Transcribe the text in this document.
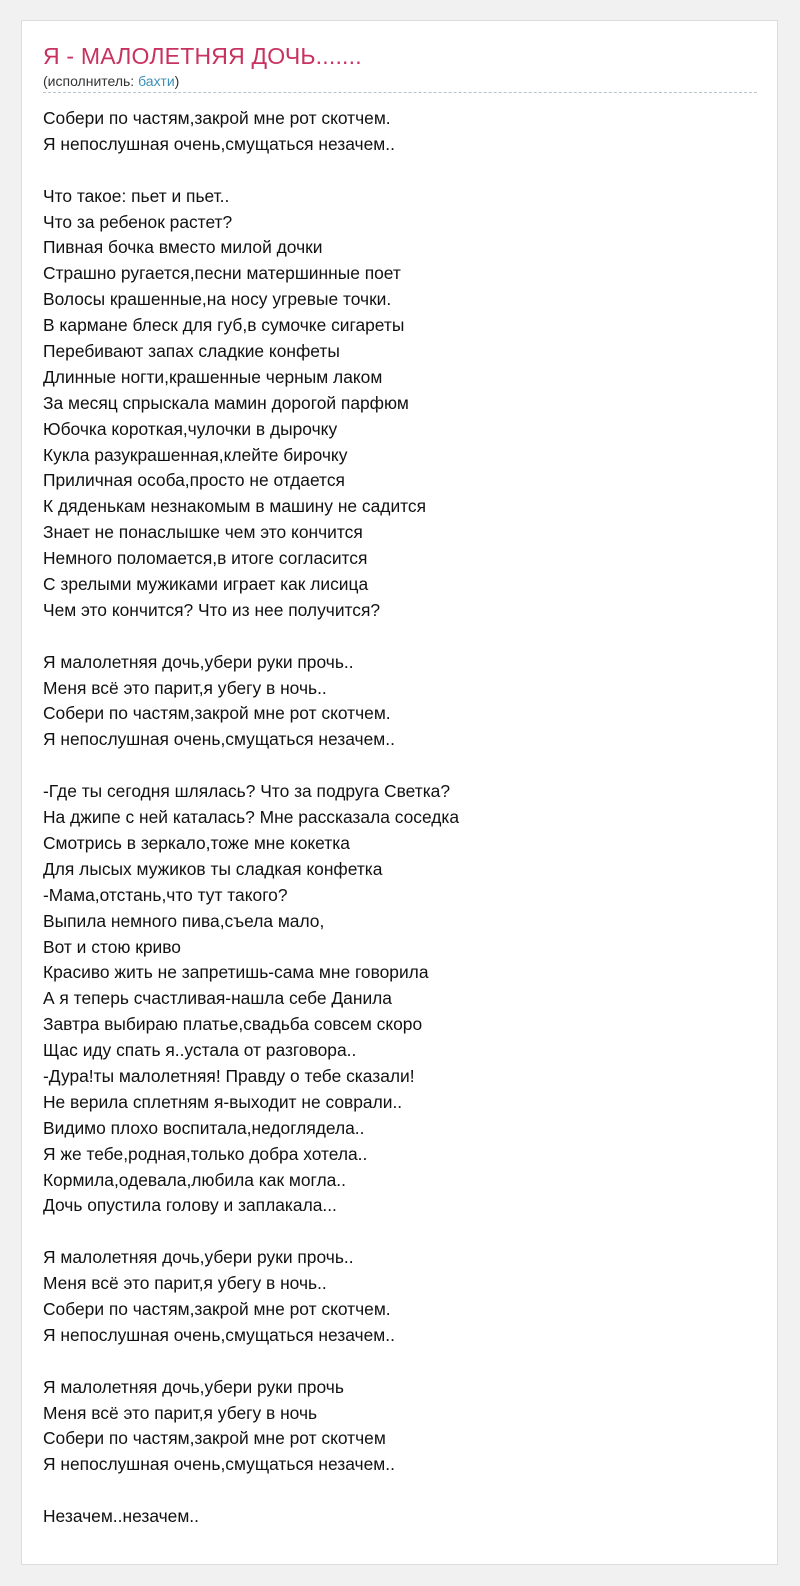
Я - МАЛОЛЕТНЯЯ ДОЧЬ.......
(исполнитель: бахти)
Собери по частям,закрой мне рот скотчем.
Я непослушная очень,смущаться незачем..
Что такое: пьет и пьет..
Что за ребенок растет?
Пивная бочка вместо милой дочки
Страшно ругается,песни матершинные поет
Волосы крашенные,на носу угревые точки.
В кармане блеск для губ,в сумочке сигареты
Перебивают запах сладкие конфеты
Длинные ногти,крашенные черным лаком
За месяц спрыскала мамин дорогой парфюм
Юбочка короткая,чулочки в дырочку
Кукла разукрашенная,клейте бирочку
Приличная особа,просто не отдается
К дяденькам незнакомым в машину не садится
Знает не понаслышке чем это кончится
Немного поломается,в итоге согласится
С зрелыми мужиками играет как лисица
Чем это кончится? Что из нее получится?
Я малолетняя дочь,убери руки прочь..
Меня всё это парит,я убегу в ночь..
Собери по частям,закрой мне рот скотчем.
Я непослушная очень,смущаться незачем..
-Где ты сегодня шлялась? Что за подруга Светка?
На джипе с ней каталась? Мне рассказала соседка
Смотрись в зеркало,тоже мне кокетка
Для лысых мужиков ты сладкая конфетка
-Мама,отстань,что тут такого?
Выпила немного пива,съела мало,
Вот и стою криво
Красиво жить не запретишь-сама мне говорила
А я теперь счастливая-нашла себе Данила
Завтра выбираю платье,свадьба совсем скоро
Щас иду спать я..устала от разговора..
-Дура!ты малолетняя! Правду о тебе сказали!
Не верила сплетням я-выходит не соврали..
Видимо плохо воспитала,недоглядела..
Я же тебе,родная,только добра хотела..
Кормила,одевала,любила как могла..
Дочь опустила голову и заплакала...
Я малолетняя дочь,убери руки прочь..
Меня всё это парит,я убегу в ночь..
Собери по частям,закрой мне рот скотчем.
Я непослушная очень,смущаться незачем..
Я малолетняя дочь,убери руки прочь
Меня всё это парит,я убегу в ночь
Собери по частям,закрой мне рот скотчем
Я непослушная очень,смущаться незачем..
Незачем..незачем..
